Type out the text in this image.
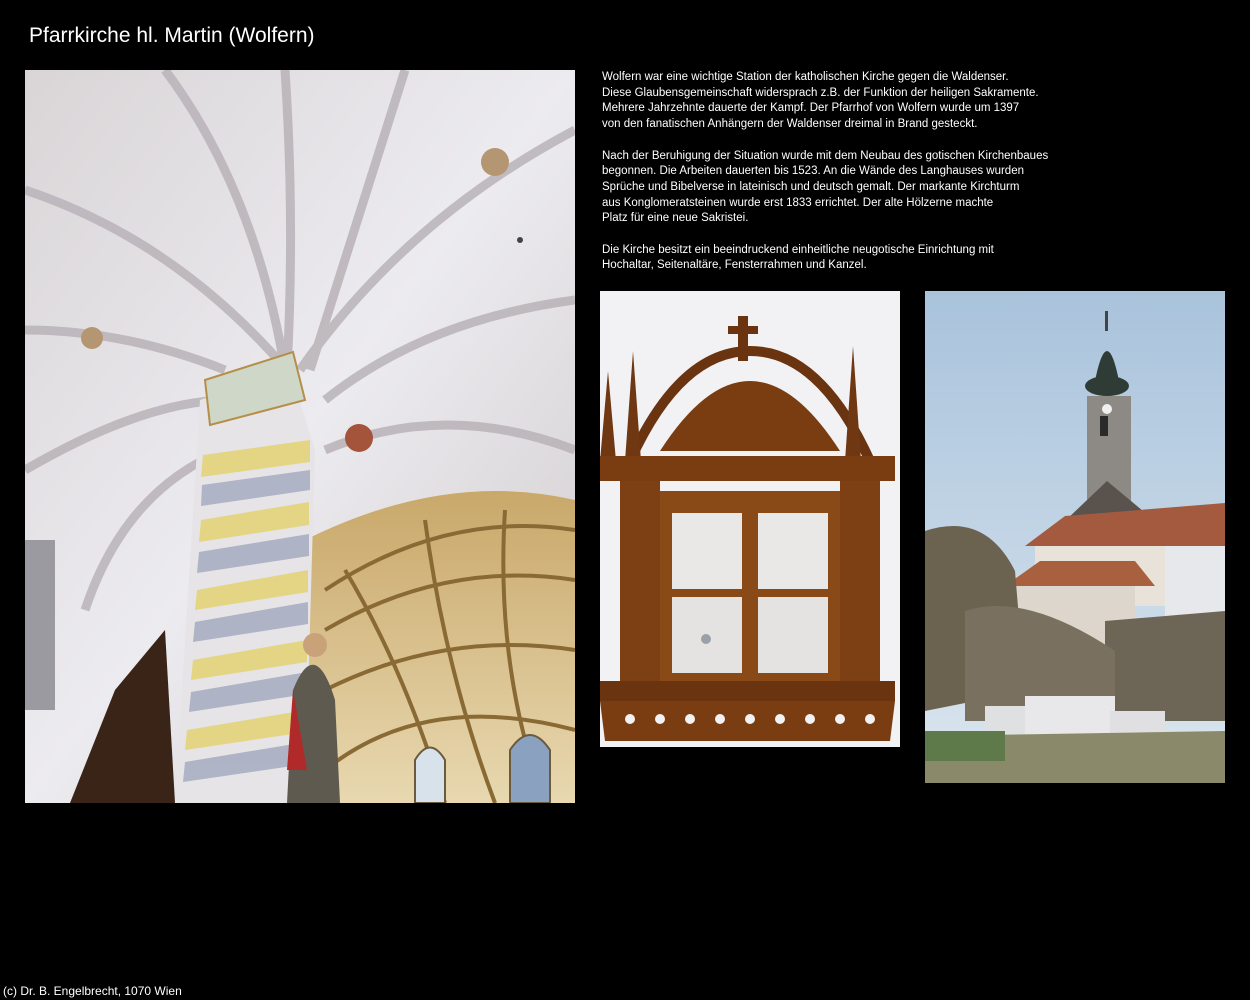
Pfarrkirche hl. Martin (Wolfern)

Wolfern war eine wichtige Station der katholischen Kirche gegen die Waldenser.
Diese Glaubensgemeinschaft widersprach z.B. der Funktion der heiligen Sakramente.
Mehrere Jahrzehnte dauerte der Kampf. Der Pfarrhof von Wolfern wurde um 1397
von den fanatischen Anhängern der Waldenser dreimal in Brand gesteckt.

Nach der Beruhigung der Situation wurde mit dem Neubau des gotischen Kirchenbaues
begonnen. Die Arbeiten dauerten bis 1523. An die Wände des Langhauses wurden
Sprüche und Bibelverse in lateinisch und deutsch gemalt. Der markante Kirchturm
aus Konglomeratsteinen wurde erst 1833 errichtet. Der alte Hölzerne machte
Platz für eine neue Sakristei.

Die Kirche besitzt ein beeindruckend einheitliche neugotische Einrichtung mit
Hochaltar, Seitenaltäre, Fensterrahmen und Kanzel.

(c) Dr. B. Engelbrecht, 1070 Wien
